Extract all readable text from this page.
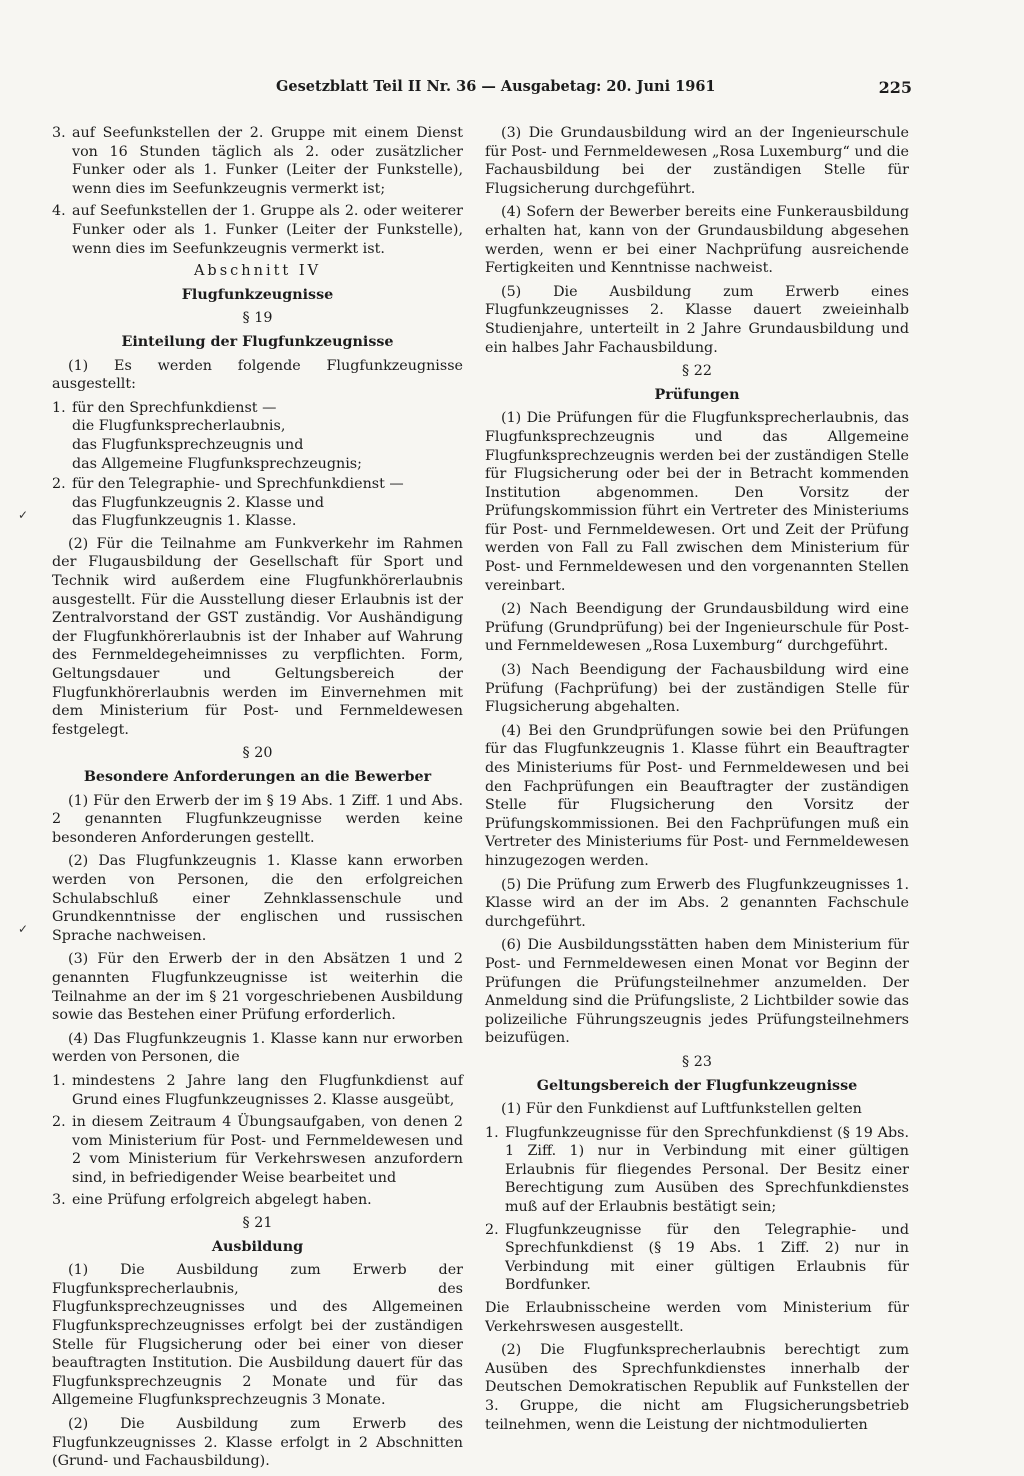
Gesetzblatt Teil II Nr. 36 — Ausgabetag: 20. Juni 1961	225
✓
✓
3. auf Seefunkstellen der 2. Gruppe mit einem Dienst von 16 Stunden täglich als 2. oder zusätzlicher Funker oder als 1. Funker (Leiter der Funkstelle), wenn dies im Seefunkzeugnis vermerkt ist;
4. auf Seefunkstellen der 1. Gruppe als 2. oder weiterer Funker oder als 1. Funker (Leiter der Funkstelle), wenn dies im Seefunkzeugnis vermerkt ist.

Abschnitt IV

Flugfunkzeugnisse

§ 19

Einteilung der Flugfunkzeugnisse

(1) Es werden folgende Flugfunkzeugnisse ausgestellt:

1. für den Sprechfunkdienst —
die Flugfunksprecherlaubnis,
das Flugfunksprechzeugnis und
das Allgemeine Flugfunksprechzeugnis;
2. für den Telegraphie- und Sprechfunkdienst —
das Flugfunkzeugnis 2. Klasse und
das Flugfunkzeugnis 1. Klasse.

(2) Für die Teilnahme am Funkverkehr im Rahmen der Flugausbildung der Gesellschaft für Sport und Technik wird außerdem eine Flugfunkhörerlaubnis ausgestellt. Für die Ausstellung dieser Erlaubnis ist der Zentralvorstand der GST zuständig. Vor Aushändigung der Flugfunkhörerlaubnis ist der Inhaber auf Wahrung des Fernmeldegeheimnisses zu verpflichten. Form, Geltungsdauer und Geltungsbereich der Flugfunkhörerlaubnis werden im Einvernehmen mit dem Ministerium für Post- und Fernmeldewesen festgelegt.

§ 20

Besondere Anforderungen an die Bewerber

(1) Für den Erwerb der im § 19 Abs. 1 Ziff. 1 und Abs. 2 genannten Flugfunkzeugnisse werden keine besonderen Anforderungen gestellt.

(2) Das Flugfunkzeugnis 1. Klasse kann erworben werden von Personen, die den erfolgreichen Schulabschluß einer Zehnklassenschule und Grundkenntnisse der englischen und russischen Sprache nachweisen.

(3) Für den Erwerb der in den Absätzen 1 und 2 genannten Flugfunkzeugnisse ist weiterhin die Teilnahme an der im § 21 vorgeschriebenen Ausbildung sowie das Bestehen einer Prüfung erforderlich.

(4) Das Flugfunkzeugnis 1. Klasse kann nur erworben werden von Personen, die

1. mindestens 2 Jahre lang den Flugfunkdienst auf Grund eines Flugfunkzeugnisses 2. Klasse ausgeübt,
2. in diesem Zeitraum 4 Übungsaufgaben, von denen 2 vom Ministerium für Post- und Fernmeldewesen und 2 vom Ministerium für Verkehrswesen anzufordern sind, in befriedigender Weise bearbeitet und
3. eine Prüfung erfolgreich abgelegt haben.

§ 21

Ausbildung

(1) Die Ausbildung zum Erwerb der Flugfunksprecherlaubnis, des Flugfunksprechzeugnisses und des Allgemeinen Flugfunksprechzeugnisses erfolgt bei der zuständigen Stelle für Flugsicherung oder bei einer von dieser beauftragten Institution. Die Ausbildung dauert für das Flugfunksprechzeugnis 2 Monate und für das Allgemeine Flugfunksprechzeugnis 3 Monate.

(2) Die Ausbildung zum Erwerb des Flugfunkzeugnisses 2. Klasse erfolgt in 2 Abschnitten (Grund- und Fachausbildung).

(3) Die Grundausbildung wird an der Ingenieurschule für Post- und Fernmeldewesen „Rosa Luxemburg“ und die Fachausbildung bei der zuständigen Stelle für Flugsicherung durchgeführt.

(4) Sofern der Bewerber bereits eine Funkerausbildung erhalten hat, kann von der Grundausbildung abgesehen werden, wenn er bei einer Nachprüfung ausreichende Fertigkeiten und Kenntnisse nachweist.

(5) Die Ausbildung zum Erwerb eines Flugfunkzeugnisses 2. Klasse dauert zweieinhalb Studienjahre, unterteilt in 2 Jahre Grundausbildung und ein halbes Jahr Fachausbildung.

§ 22

Prüfungen

(1) Die Prüfungen für die Flugfunksprecherlaubnis, das Flugfunksprechzeugnis und das Allgemeine Flugfunksprechzeugnis werden bei der zuständigen Stelle für Flugsicherung oder bei der in Betracht kommenden Institution abgenommen. Den Vorsitz der Prüfungskommission führt ein Vertreter des Ministeriums für Post- und Fernmeldewesen. Ort und Zeit der Prüfung werden von Fall zu Fall zwischen dem Ministerium für Post- und Fernmeldewesen und den vorgenannten Stellen vereinbart.

(2) Nach Beendigung der Grundausbildung wird eine Prüfung (Grundprüfung) bei der Ingenieurschule für Post- und Fernmeldewesen „Rosa Luxemburg“ durchgeführt.

(3) Nach Beendigung der Fachausbildung wird eine Prüfung (Fachprüfung) bei der zuständigen Stelle für Flugsicherung abgehalten.

(4) Bei den Grundprüfungen sowie bei den Prüfungen für das Flugfunkzeugnis 1. Klasse führt ein Beauftragter des Ministeriums für Post- und Fernmeldewesen und bei den Fachprüfungen ein Beauftragter der zuständigen Stelle für Flugsicherung den Vorsitz der Prüfungskommissionen. Bei den Fachprüfungen muß ein Vertreter des Ministeriums für Post- und Fernmeldewesen hinzugezogen werden.

(5) Die Prüfung zum Erwerb des Flugfunkzeugnisses 1. Klasse wird an der im Abs. 2 genannten Fachschule durchgeführt.

(6) Die Ausbildungsstätten haben dem Ministerium für Post- und Fernmeldewesen einen Monat vor Beginn der Prüfungen die Prüfungsteilnehmer anzumelden. Der Anmeldung sind die Prüfungsliste, 2 Lichtbilder sowie das polizeiliche Führungszeugnis jedes Prüfungsteilnehmers beizufügen.

§ 23

Geltungsbereich der Flugfunkzeugnisse

(1) Für den Funkdienst auf Luftfunkstellen gelten

1. Flugfunkzeugnisse für den Sprechfunkdienst (§ 19 Abs. 1 Ziff. 1) nur in Verbindung mit einer gültigen Erlaubnis für fliegendes Personal. Der Besitz einer Berechtigung zum Ausüben des Sprechfunkdienstes muß auf der Erlaubnis bestätigt sein;
2. Flugfunkzeugnisse für den Telegraphie- und Sprechfunkdienst (§ 19 Abs. 1 Ziff. 2) nur in Verbindung mit einer gültigen Erlaubnis für Bordfunker.

Die Erlaubnisscheine werden vom Ministerium für Verkehrswesen ausgestellt.

(2) Die Flugfunksprecherlaubnis berechtigt zum Ausüben des Sprechfunkdienstes innerhalb der Deutschen Demokratischen Republik auf Funkstellen der 3. Gruppe, die nicht am Flugsicherungsbetrieb teilnehmen, wenn die Leistung der nichtmodulierten
